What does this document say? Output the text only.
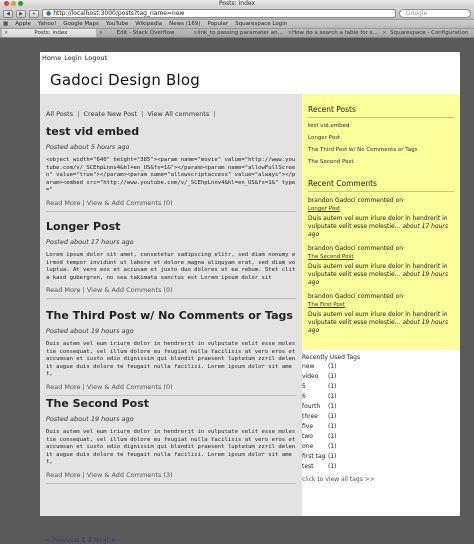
Posts: index
◀	▶	+	● http://localhost:3000/posts?tag_name=new	Google
▦ Apple Yahoo! Google Maps YouTube Wikipedia News (169) Popular Squarespace Login
×	Posts: index	×	Edit - Stack Overflow	× link_to passing paramater an... × How do a search a table for s... × Squarespace - Configuration
Home Login Logout
Gadoci Design Blog
All Posts | Create New Post | View All comments |
test vid embed
Posted about 5 hours ago
<object width="640" height="385"><param name="movie" value="http://www.youtube.com/v/_SCEhpLnnv4&hl=en_US&fs=1&"></param><param name="allowFullScreen" value="true"></param><param name="allowscriptaccess" value="always"></param><embed src="http://www.youtube.com/v/_SCEhpLnnv4&hl=en_US&fs=1&" type="
Read More | View & Add Comments (0)
Longer Post
Posted about 17 hours ago
Lorem ipsum dolor sit amet, consetetur sadipscing elitr, sed diam nonumy eirmod tempor invidunt ut labore et dolore magna aliquyam erat, sed diam voluptua. At vero eos et accusam et justo duo dolores et ea rebum. Stet clita kasd gubergren, no sea takimata sanctus est Lorem ipsum dolor sit
Read More | View & Add Comments (0)
The Third Post w/ No Comments or Tags
Posted about 19 hours ago
Duis autem vel eum iriure dolor in hendrerit in vulputate velit esse molestie consequat, vel illum dolore eu feugiat nulla facilisis at vero eros et accumsan et iusto odio dignissim qui blandit praesent luptatum zzril delenit augue duis dolore te feugait nulla facilisi. Lorem ipsum dolor sit amet,
Read More | View & Add Comments (0)
The Second Post
Posted about 19 hours ago
Duis autem vel eum iriure dolor in hendrerit in vulputate velit esse molestie consequat, vel illum dolore eu feugiat nulla facilisis at vero eros et accumsan et iusto odio dignissim qui blandit praesent luptatum zzril delenit augue duis dolore te feugait nulla facilisi. Lorem ipsum dolor sit amet,
Read More | View & Add Comments (3)
« Previous 1 2 Next »
Recent Posts
test vid embed
Longer Post
The Third Post w/ No Comments or Tags
The Second Post
Recent Comments
brandon Gadoci commented on
Longer Post
Duis autem vel eum iriure dolor in hendrerit in vulputate velit esse molestie... about 17 hours ago
brandon Gadoci commented on
The Second Post
Duis autem vel eum iriure dolor in hendrerit in vulputate velit esse molestie... about 19 hours ago
brandon Gadoci commented on
The First Post
Duis autem vel eum iriure dolor in hendrerit in vulputate velit esse molestie... about 19 hours ago
Recently Used Tags
new	(1)
video	(1)
5	(1)
6	(1)
fourth	(1)
three	(1)
five	(1)
two	(1)
one	(1)
first tag	(1)
test	(1)
click to view all tags >>
